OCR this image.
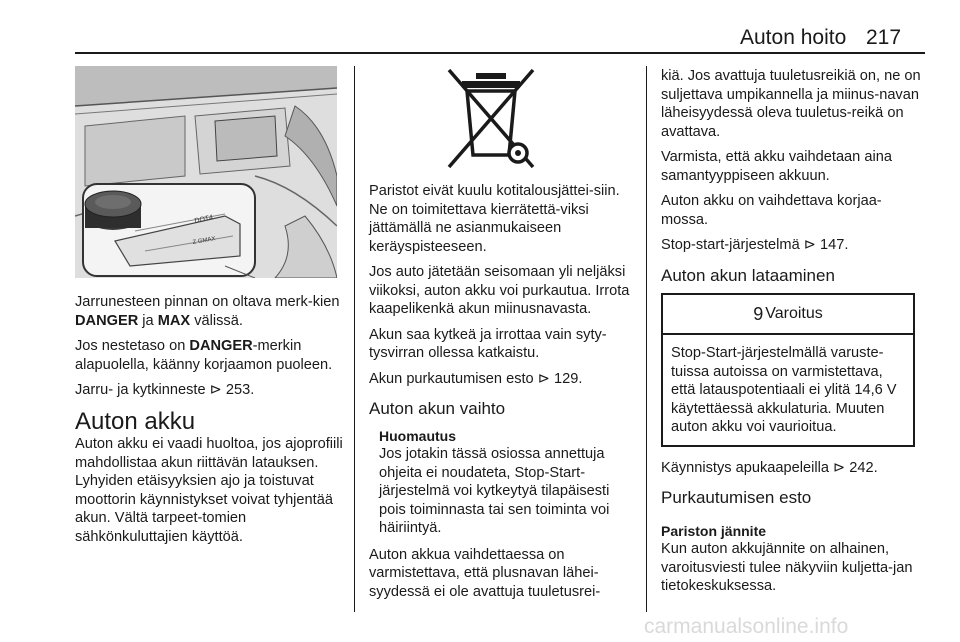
Auton hoito 217
DOT4
Z GMAX

Jarrunesteen pinnan on oltava merk‐kien DANGER ja MAX välissä.

Jos nestetaso on DANGER-merkin alapuolella, käänny korjaamon puoleen.

Jarru- ja kytkinneste ⊳ 253.

Auton akku

Auton akku ei vaadi huoltoa, jos ajoprofiili mahdollistaa akun riittävän latauksen. Lyhyiden etäisyyksien ajo ja toistuvat moottorin käynnistykset voivat tyhjentää akun. Vältä tarpeet‐tomien sähkönkuluttajien käyttöä.

Paristot eivät kuulu kotitalousjättei‐siin. Ne on toimitettava kierrätettä‐viksi jättämällä ne asianmukaiseen keräyspisteeseen.

Jos auto jätetään seisomaan yli neljäksi viikoksi, auton akku voi purkautua. Irrota kaapelikenkä akun miinusnavasta.

Akun saa kytkeä ja irrottaa vain syty‐tysvirran ollessa katkaistu.

Akun purkautumisen esto ⊳ 129.

Auton akun vaihto
Huomautus
Jos jotakin tässä osiossa annettuja ohjeita ei noudateta, Stop-Start-järjestelmä voi kytkeytyä tilapäisesti pois toiminnasta tai sen toiminta voi häiriintyä.

Auton akkua vaihdettaessa on varmistettava, että plusnavan lähei‐syydessä ei ole avattuja tuuletusrei‐

kiä. Jos avattuja tuuletusreikiä on, ne on suljettava umpikannella ja miinus‐navan läheisyydessä oleva tuuletus‐reikä on avattava.

Varmista, että akku vaihdetaan aina samantyyppiseen akkuun.

Auton akku on vaihdettava korjaa‐mossa.

Stop-start-järjestelmä ⊳ 147.

Auton akun lataaminen
9 Varoitus
Stop-Start-järjestelmällä varuste‐tuissa autoissa on varmistettava, että latauspotentiaali ei ylitä 14,6 V käytettäessä akkulaturia. Muuten auton akku voi vaurioitua.

Käynnistys apukaapeleilla ⊳ 242.

Purkautumisen esto
Pariston jännite

Kun auton akkujännite on alhainen, varoitusviesti tulee näkyviin kuljetta‐jan tietokeskuksessa.

carmanualsonline.info
